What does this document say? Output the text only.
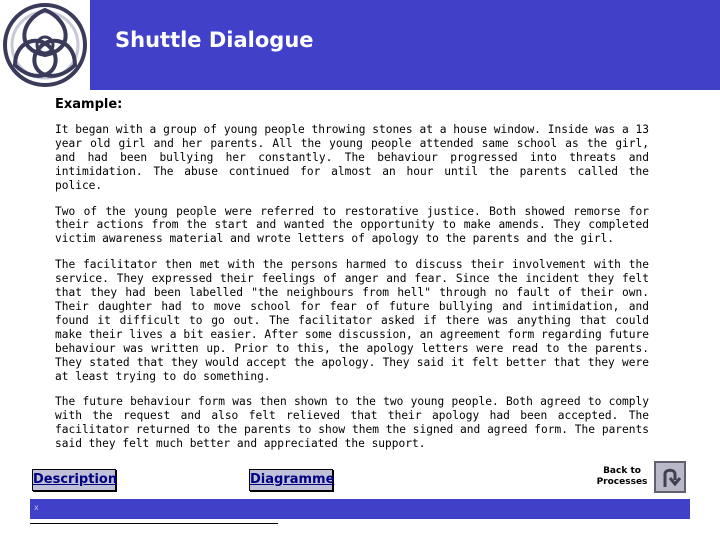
Shuttle Dialogue

Example:

It began with a group of young people throwing stones at a house window. Inside was a 13 year old girl and her parents. All the young people attended same school as the girl, and had been bullying her constantly. The behaviour progressed into threats and intimidation. The abuse continued for almost an hour until the parents called the police.

Two of the young people were referred to restorative justice. Both showed remorse for their actions from the start and wanted the opportunity to make amends. They completed victim awareness material and wrote letters of apology to the parents and the girl.

The facilitator then met with the persons harmed to discuss their involvement with the service. They expressed their feelings of anger and fear. Since the incident they felt that they had been labelled "the neighbours from hell" through no fault of their own. Their daughter had to move school for fear of future bullying and intimidation, and found it difficult to go out. The facilitator asked if there was anything that could make their lives a bit easier. After some discussion, an agreement form regarding future behaviour was written up. Prior to this, the apology letters were read to the parents. They stated that they would accept the apology. They said it felt better that they were at least trying to do something.

The future behaviour form was then shown to the two young people. Both agreed to comply with the request and also felt relieved that their apology had been accepted. The facilitator returned to the parents to show them the signed and agreed form. The parents said they felt much better and appreciated the support.

Description	Diagramme
Back to Processes
x
